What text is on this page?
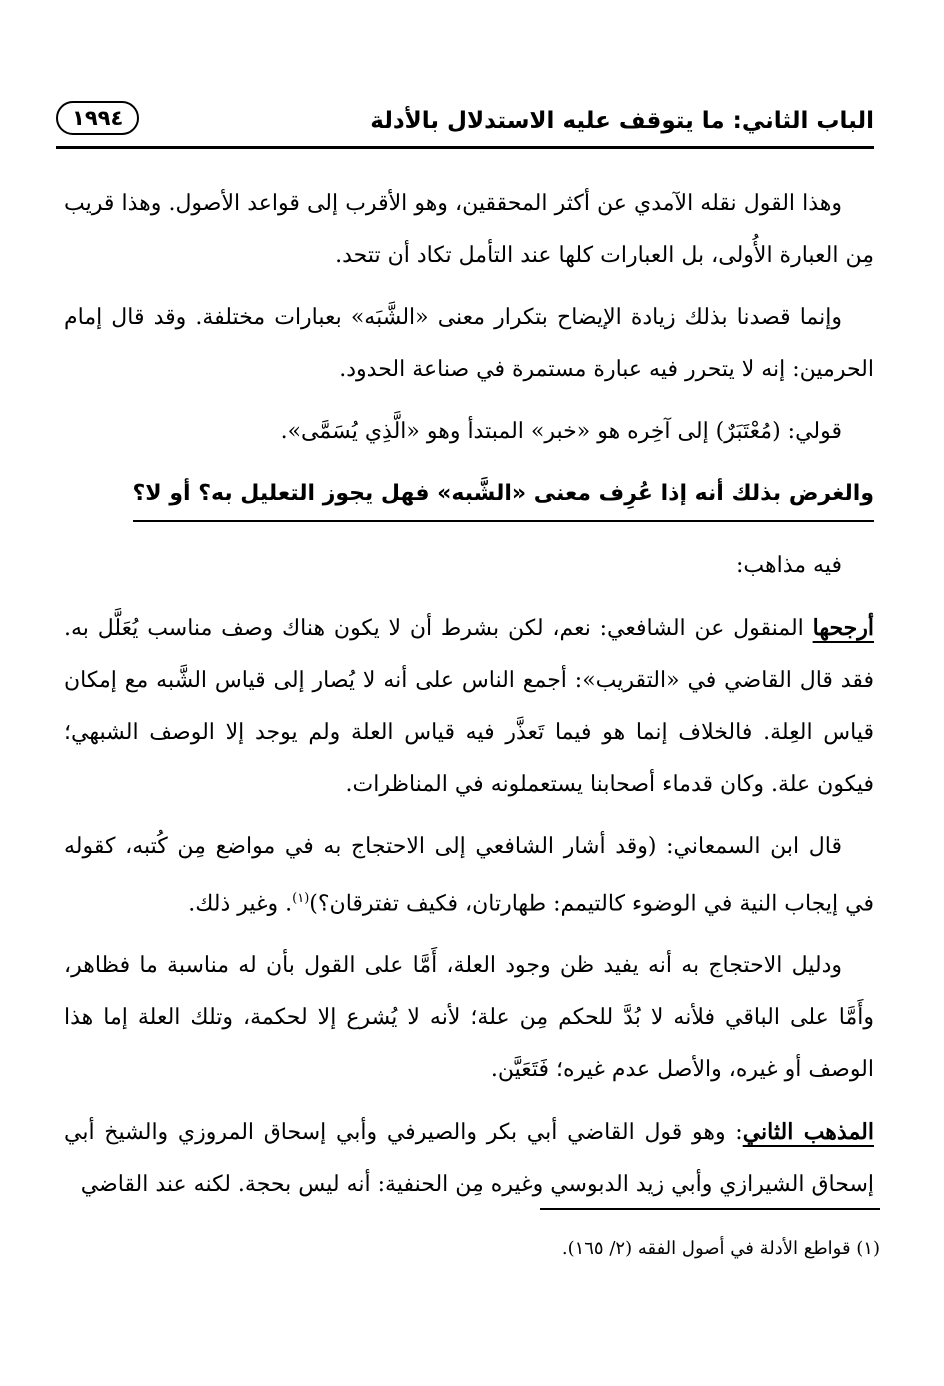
الباب الثاني: ما يتوقف عليه الاستدلال بالأدلة
١٩٩٤

وهذا القول نقله الآمدي عن أكثر المحققين، وهو الأقرب إلى قواعد الأصول. وهذا قريب مِن العبارة الأُولى، بل العبارات كلها عند التأمل تكاد أن تتحد.

وإنما قصدنا بذلك زيادة الإيضاح بتكرار معنى «الشَّبَه» بعبارات مختلفة. وقد قال إمام الحرمين: إنه لا يتحرر فيه عبارة مستمرة في صناعة الحدود.

قولي: (مُعْتَبَرٌ) إلى آخِره هو «خبر» المبتدأ وهو «الَّذِي يُسَمَّى».

والغرض بذلك أنه إذا عُرِف معنى «الشَّبه» فهل يجوز التعليل به؟ أو لا؟

فيه مذاهب:

أرجحها المنقول عن الشافعي: نعم، لكن بشرط أن لا يكون هناك وصف مناسب يُعَلَّل به. فقد قال القاضي في «التقريب»: أجمع الناس على أنه لا يُصار إلى قياس الشَّبه مع إمكان قياس العِلة. فالخلاف إنما هو فيما تَعذَّر فيه قياس العلة ولم يوجد إلا الوصف الشبهي؛ فيكون علة. وكان قدماء أصحابنا يستعملونه في المناظرات.

قال ابن السمعاني: (وقد أشار الشافعي إلى الاحتجاج به في مواضع مِن كُتبه، كقوله في إيجاب النية في الوضوء كالتيمم: طهارتان، فكيف تفترقان؟)$^{(١)}$. وغير ذلك.

ودليل الاحتجاج به أنه يفيد ظن وجود العلة، أَمَّا على القول بأن له مناسبة ما فظاهر، وأَمَّا على الباقي فلأنه لا بُدَّ للحكم مِن علة؛ لأنه لا يُشرع إلا لحكمة، وتلك العلة إما هذا الوصف أو غيره، والأصل عدم غيره؛ فَتَعَيَّن.

المذهب الثاني: وهو قول القاضي أبي بكر والصيرفي وأبي إسحاق المروزي والشيخ أبي إسحاق الشيرازي وأبي زيد الدبوسي وغيره مِن الحنفية: أنه ليس بحجة. لكنه عند القاضي

(١) قواطع الأدلة في أصول الفقه (٢/ ١٦٥).
